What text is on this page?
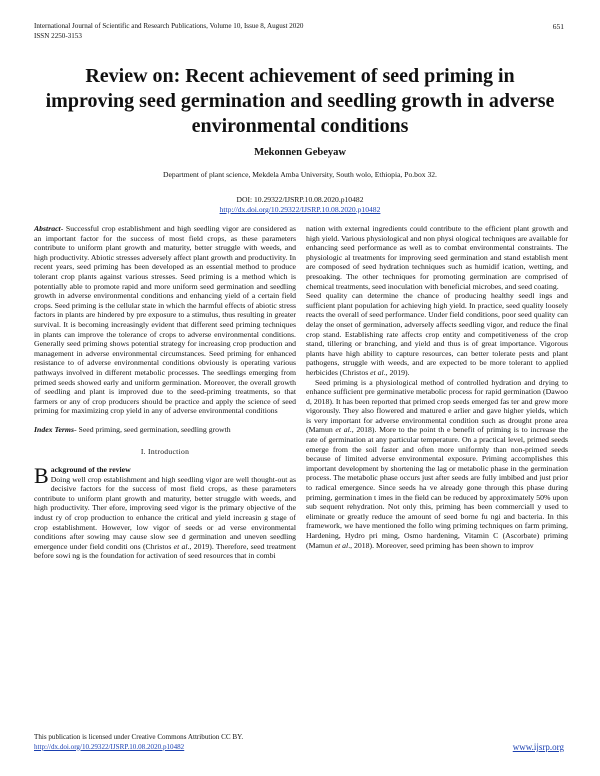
International Journal of Scientific and Research Publications, Volume 10, Issue 8, August 2020
ISSN 2250-3153
651
Review on: Recent achievement of seed priming in improving seed germination and seedling growth in adverse environmental conditions
Mekonnen Gebeyaw
Department of plant science, Mekdela Amba University, South wolo, Ethiopia, Po.box 32.
DOI: 10.29322/IJSRP.10.08.2020.p10482
http://dx.doi.org/10.29322/IJSRP.10.08.2020.p10482

Abstract- Successful crop establishment and high seedling vigor are considered as an important factor for the success of most field crops, as these parameters contribute to uniform plant growth and maturity, better struggle with weeds, and high productivity. Abiotic stresses adversely affect plant growth and productivity. In recent years, seed priming has been developed as an essential method to produce tolerant crop plants against various stresses. Seed priming is a method which is potentially able to promote rapid and more uniform seed germination and seedling growth in adverse environmental conditions and enhancing yield of a certain field crops. Seed priming is the cellular state in which the harmful effects of abiotic stress factors in plants are hindered by pre exposure to a stimulus, thus resulting in greater survival. It is becoming increasingly evident that different seed priming techniques in plants can improve the tolerance of crops to adverse environmental conditions. Generally seed priming shows potential strategy for increasing crop production and management in adverse environmental circumstances. Seed priming for enhanced resistance to of adverse environmental conditions obviously is operating various pathways involved in different metabolic processes. The seedlings emerging from primed seeds showed early and uniform germination. Moreover, the overall growth of seedling and plant is improved due to the seed-priming treatments, so that farmers or any of crop producers should be practice and apply the science of seed priming for maximizing crop yield in any of adverse environmental conditions

Index Terms- Seed priming, seed germination, seedling growth

I. Introduction

Background of the review
Doing well crop establishment and high seedling vigor are well thought-out as decisive factors for the success of most field crops, as these parameters contribute to uniform plant growth and maturity, better struggle with weeds, and high productivity. Ther efore, improving seed vigor is the primary objective of the indust ry of crop production to enhance the critical and yield increasin g stage of crop establishment. However, low vigor of seeds or ad verse environmental conditions after sowing may cause slow see d germination and uneven seedling emergence under field conditi ons (Christos et al., 2019). Therefore, seed treatment before sowi ng is the foundation for activation of seed resources that in combi

nation with external ingredients could contribute to the efficient plant growth and high yield. Various physiological and non physi ological techniques are available for enhancing seed performance as well as to combat environmental constraints. The physiologic al treatments for improving seed germination and stand establish ment are composed of seed hydration techniques such as humidif ication, wetting, and presoaking. The other techniques for promoting germination are comprised of chemical treatments, seed inoculation with beneficial microbes, and seed coating.

Seed quality can determine the chance of producing healthy seedl ings and sufficient plant population for achieving high yield. In practice, seed quality loosely reacts the overall of seed performance. Under field conditions, poor seed quality can delay the onset of germination, adversely affects seedling vigor, and reduce the final crop stand. Establishing rate affects crop entity and competitiveness of the crop stand, tillering or branching, and yield and thus is of great importance. Vigorous plants have high ability to capture resources, can better tolerate pests and plant pathogens, struggle with weeds, and are expected to be more tolerant to applied herbicides (Christos et al., 2019).

Seed priming is a physiological method of controlled hydration and drying to enhance sufficient pre germinative metabolic process for rapid germination (Dawoo d, 2018). It has been reported that primed crop seeds emerged fas ter and grew more vigorously. They also flowered and matured e arlier and gave higher yields, which is very important for adverse environmental condition such as drought prone area (Mamun et al., 2018). More to the point th e benefit of priming is to increase the rate of germination at any particular temperature. On a practical level, primed seeds emerge from the soil faster and often more uniformly than non-primed seeds because of limited adverse environmental exposure. Priming accomplishes this important development by shortening the lag or metabolic phase in the germination process. The metabolic phase occurs just after seeds are fully imbibed and just prior to radical emergence. Since seeds ha ve already gone through this phase during priming, germination t imes in the field can be reduced by approximately 50% upon sub sequent rehydration. Not only this, priming has been commerciall y used to eliminate or greatly reduce the amount of seed borne fu ngi and bacteria. In this framework, we have mentioned the follo wing priming techniques on farm priming, Hardening, Hydro pri ming, Osmo hardening, Vitamin C (Ascorbate) priming (Mamun et al., 2018). Moreover, seed priming has been shown to improv

This publication is licensed under Creative Commons Attribution CC BY.
http://dx.doi.org/10.29322/IJSRP.10.08.2020.p10482	www.ijsrp.org
